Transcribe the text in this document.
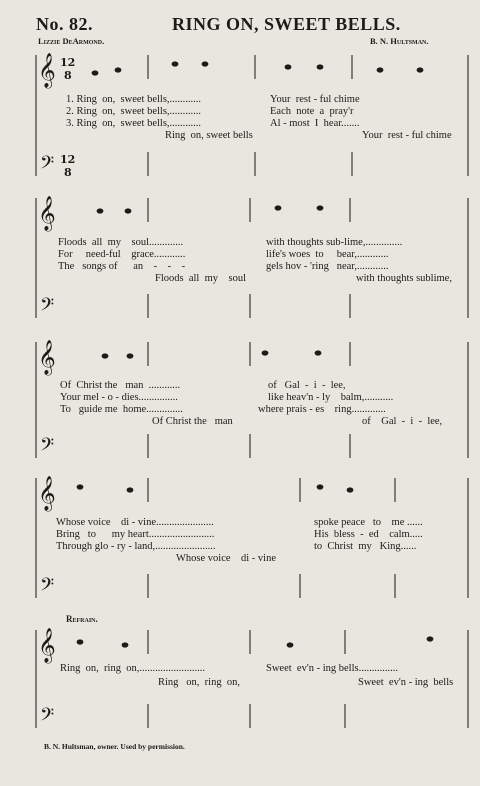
No. 82.	RING ON, SWEET BELLS.
Lizzie DeArmond.	B. N. Hultsman.
𝄞
𝄢
𝄞
𝄢
𝄞
𝄢
𝄞
𝄢
𝄞
𝄢
12
8
12
8
1. Ring  on,  sweet bells,............	Your  rest - ful chime
2. Ring  on,  sweet bells,............	Each  note  a  pray'r
3. Ring  on,  sweet bells,............	Al - most  I  hear.......
Ring  on, sweet bells	Your  rest - ful chime
Floods  all  my    soul.............	with thoughts sub-lime,..............
For     need-ful    grace............	life's woes  to     bear,............
The   songs of      an    -    -    -	gels hov - 'ring   near,............
Floods  all  my    soul	with thoughts sublime,
Of  Christ the   man  ............	of   Gal  -  i  -  lee,
Your mel - o - dies...............	like heav'n - ly    balm,...........
To   guide me  home..............	where prais - es    ring.............
Of Christ the   man	of    Gal  -  i  -  lee,
Whose voice    di - vine......................	spoke peace   to    me ......
Bring   to      my heart.........................	His  bless  -  ed    calm.....
Through glo - ry - land,.......................	to  Christ  my   King......
Whose voice    di - vine
Refrain.
Ring  on,  ring  on,.........................	Sweet  ev'n - ing bells...............
Ring   on,  ring  on,	Sweet  ev'n - ing  bells
B. N. Hultsman, owner. Used by permission.
